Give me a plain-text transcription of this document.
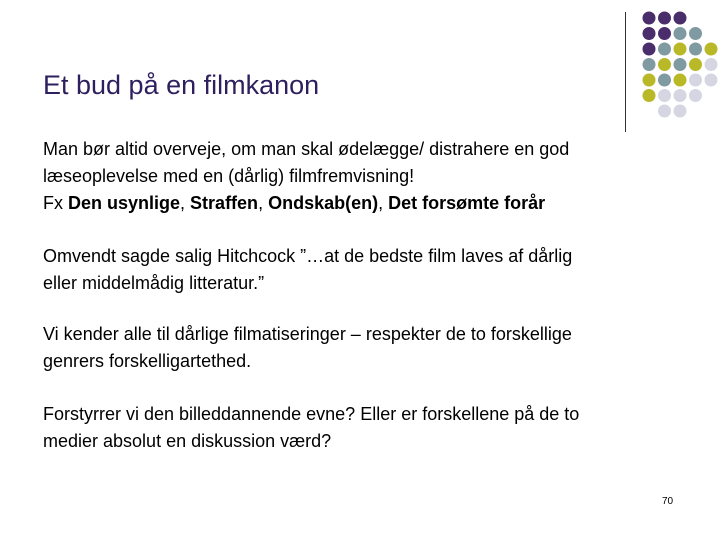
Et bud på en filmkanon

Man bør altid overveje, om man skal ødelægge/ distrahere en god
læseoplevelse med en (dårlig) filmfremvisning!
Fx Den usynlige, Straffen, Ondskab(en), Det forsømte forår

Omvendt sagde salig Hitchcock ”…at de bedste film laves af dårlig
eller middelmådig litteratur.”

Vi kender alle til dårlige filmatiseringer – respekter de to forskellige
genrers forskelligartethed.

Forstyrrer vi den billeddannende evne? Eller er forskellene på de to
medier absolut en diskussion værd?

70
